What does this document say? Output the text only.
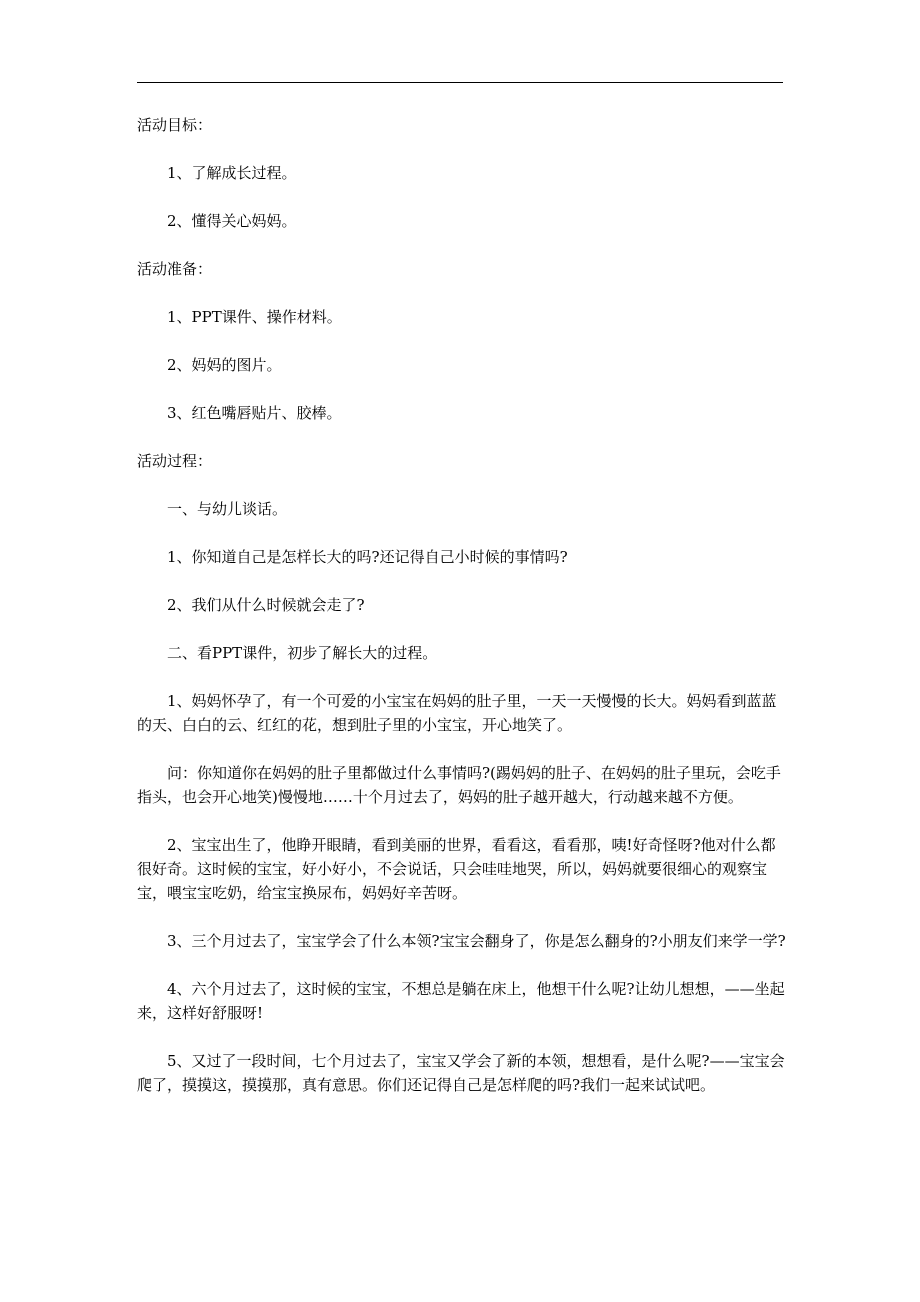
活动目标：

1、了解成长过程。

2、懂得关心妈妈。

活动准备：

1、PPT课件、操作材料。

2、妈妈的图片。

3、红色嘴唇贴片、胶棒。

活动过程：

一、与幼儿谈话。

1、你知道自己是怎样长大的吗?还记得自己小时候的事情吗?

2、我们从什么时候就会走了?

二、看PPT课件，初步了解长大的过程。

1、妈妈怀孕了，有一个可爱的小宝宝在妈妈的肚子里，一天一天慢慢的长大。妈妈看到蓝蓝的天、白白的云、红红的花，想到肚子里的小宝宝，开心地笑了。

问：你知道你在妈妈的肚子里都做过什么事情吗?(踢妈妈的肚子、在妈妈的肚子里玩，会吃手指头，也会开心地笑)慢慢地……十个月过去了，妈妈的肚子越开越大，行动越来越不方便。

2、宝宝出生了，他睁开眼睛，看到美丽的世界，看看这，看看那，咦!好奇怪呀?他对什么都很好奇。这时候的宝宝，好小好小，不会说话，只会哇哇地哭，所以，妈妈就要很细心的观察宝宝，喂宝宝吃奶，给宝宝换尿布，妈妈好辛苦呀。

3、三个月过去了，宝宝学会了什么本领?宝宝会翻身了，你是怎么翻身的?小朋友们来学一学?

4、六个月过去了，这时候的宝宝，不想总是躺在床上，他想干什么呢?让幼儿想想，——坐起来，这样好舒服呀!

5、又过了一段时间，七个月过去了，宝宝又学会了新的本领，想想看，是什么呢?——宝宝会爬了，摸摸这，摸摸那，真有意思。你们还记得自己是怎样爬的吗?我们一起来试试吧。
